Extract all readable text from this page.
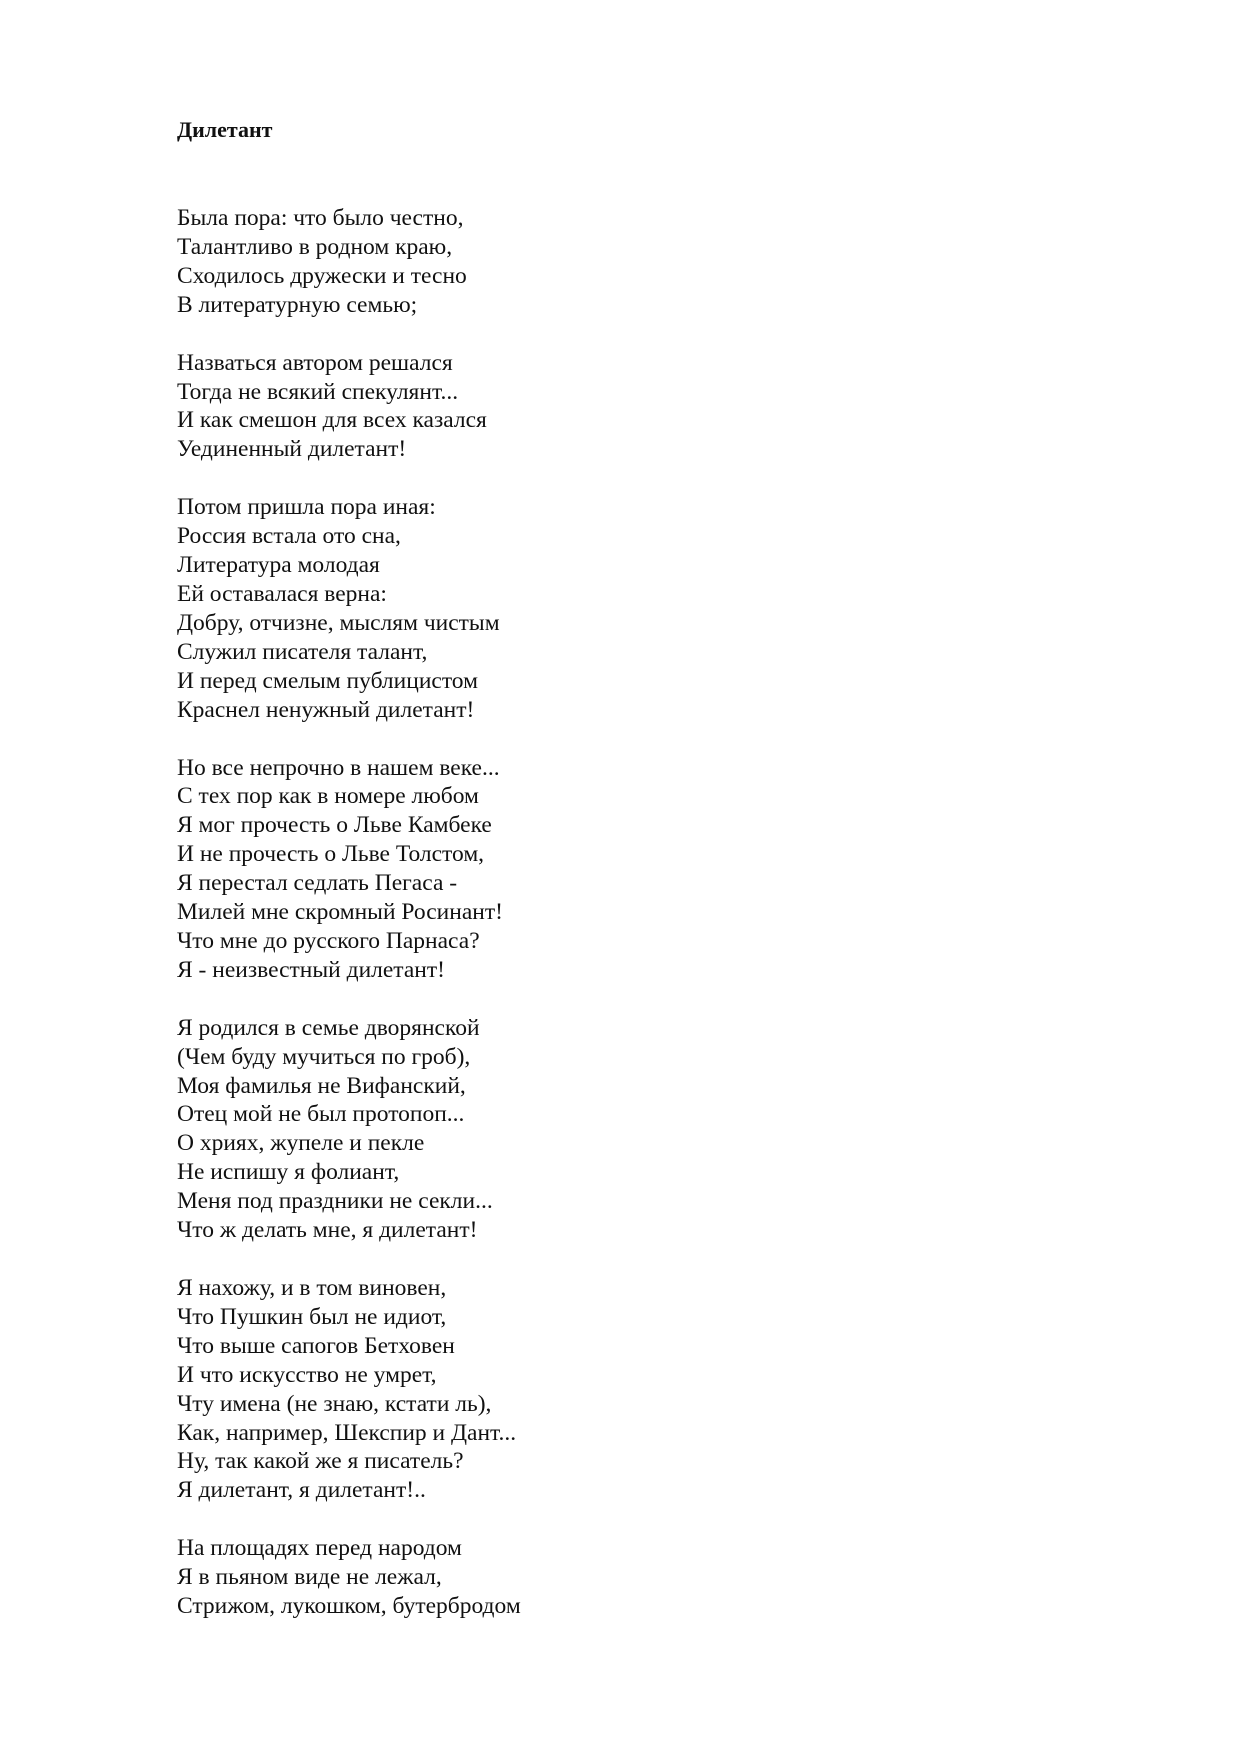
Дилетант
Была пора: что было честно,
Талантливо в родном краю,
Сходилось дружески и тесно
В литературную семью;
Назваться автором решался
Тогда не всякий спекулянт...
И как смешон для всех казался
Уединенный дилетант!
Потом пришла пора иная:
Россия встала ото сна,
Литература молодая
Ей оставалася верна:
Добру, отчизне, мыслям чистым
Служил писателя талант,
И перед смелым публицистом
Краснел ненужный дилетант!
Но все непрочно в нашем веке...
С тех пор как в номере любом
Я мог прочесть о Льве Камбеке
И не прочесть о Льве Толстом,
Я перестал седлать Пегаса -
Милей мне скромный Росинант!
Что мне до русского Парнаса?
Я - неизвестный дилетант!
Я родился в семье дворянской
(Чем буду мучиться по гроб),
Моя фамилья не Вифанский,
Отец мой не был протопоп...
О хриях, жупеле и пекле
Не испишу я фолиант,
Меня под праздники не секли...
Что ж делать мне, я дилетант!
Я нахожу, и в том виновен,
Что Пушкин был не идиот,
Что выше сапогов Бетховен
И что искусство не умрет,
Чту имена (не знаю, кстати ль),
Как, например, Шекспир и Дант...
Ну, так какой же я писатель?
Я дилетант, я дилетант!..
На площадях перед народом
Я в пьяном виде не лежал,
Стрижом, лукошком, бутербродом
